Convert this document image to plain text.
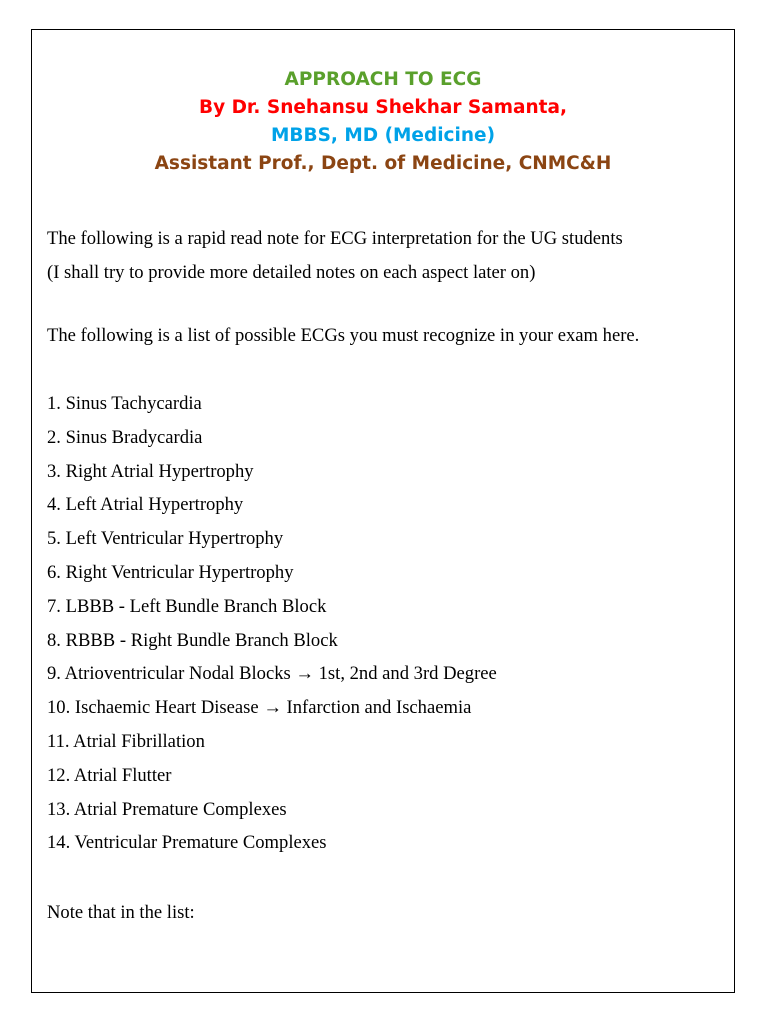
APPROACH TO ECG
By Dr. Snehansu Shekhar Samanta,
MBBS, MD (Medicine)
Assistant Prof., Dept. of Medicine, CNMC&H
The following is a rapid read note for ECG interpretation for the UG students
(I shall try to provide more detailed notes on each aspect later on)
The following is a list of possible ECGs you must recognize in your exam here.
1. Sinus Tachycardia
2. Sinus Bradycardia
3. Right Atrial Hypertrophy
4. Left Atrial Hypertrophy
5. Left Ventricular Hypertrophy
6. Right Ventricular Hypertrophy
7. LBBB - Left Bundle Branch Block
8. RBBB - Right Bundle Branch Block
9. Atrioventricular Nodal Blocks → 1st, 2nd and 3rd Degree
10. Ischaemic Heart Disease → Infarction and Ischaemia
11. Atrial Fibrillation
12. Atrial Flutter
13. Atrial Premature Complexes
14. Ventricular Premature Complexes
Note that in the list:
